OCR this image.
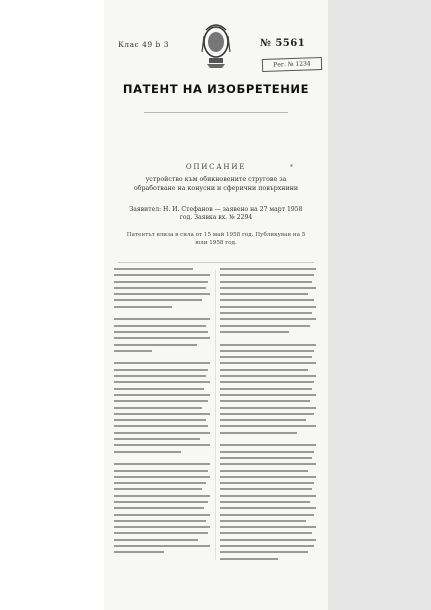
Клас 49 b 3	№ 5561
Рег. № 1234
ПАТЕНТ НА ИЗОБРЕТЕНИЕ
ОПИСАНИЕ	*
устройство към обикновените стругове за обработване на конусни и сферични повърхнини
Заявител: Н. И. Стефанов — заявено на 27 март 1958 год. Заявка вх. № 2294
Патентът влиза в сила от 15 май 1958 год. Публикуван на 5 юли 1958 год.
